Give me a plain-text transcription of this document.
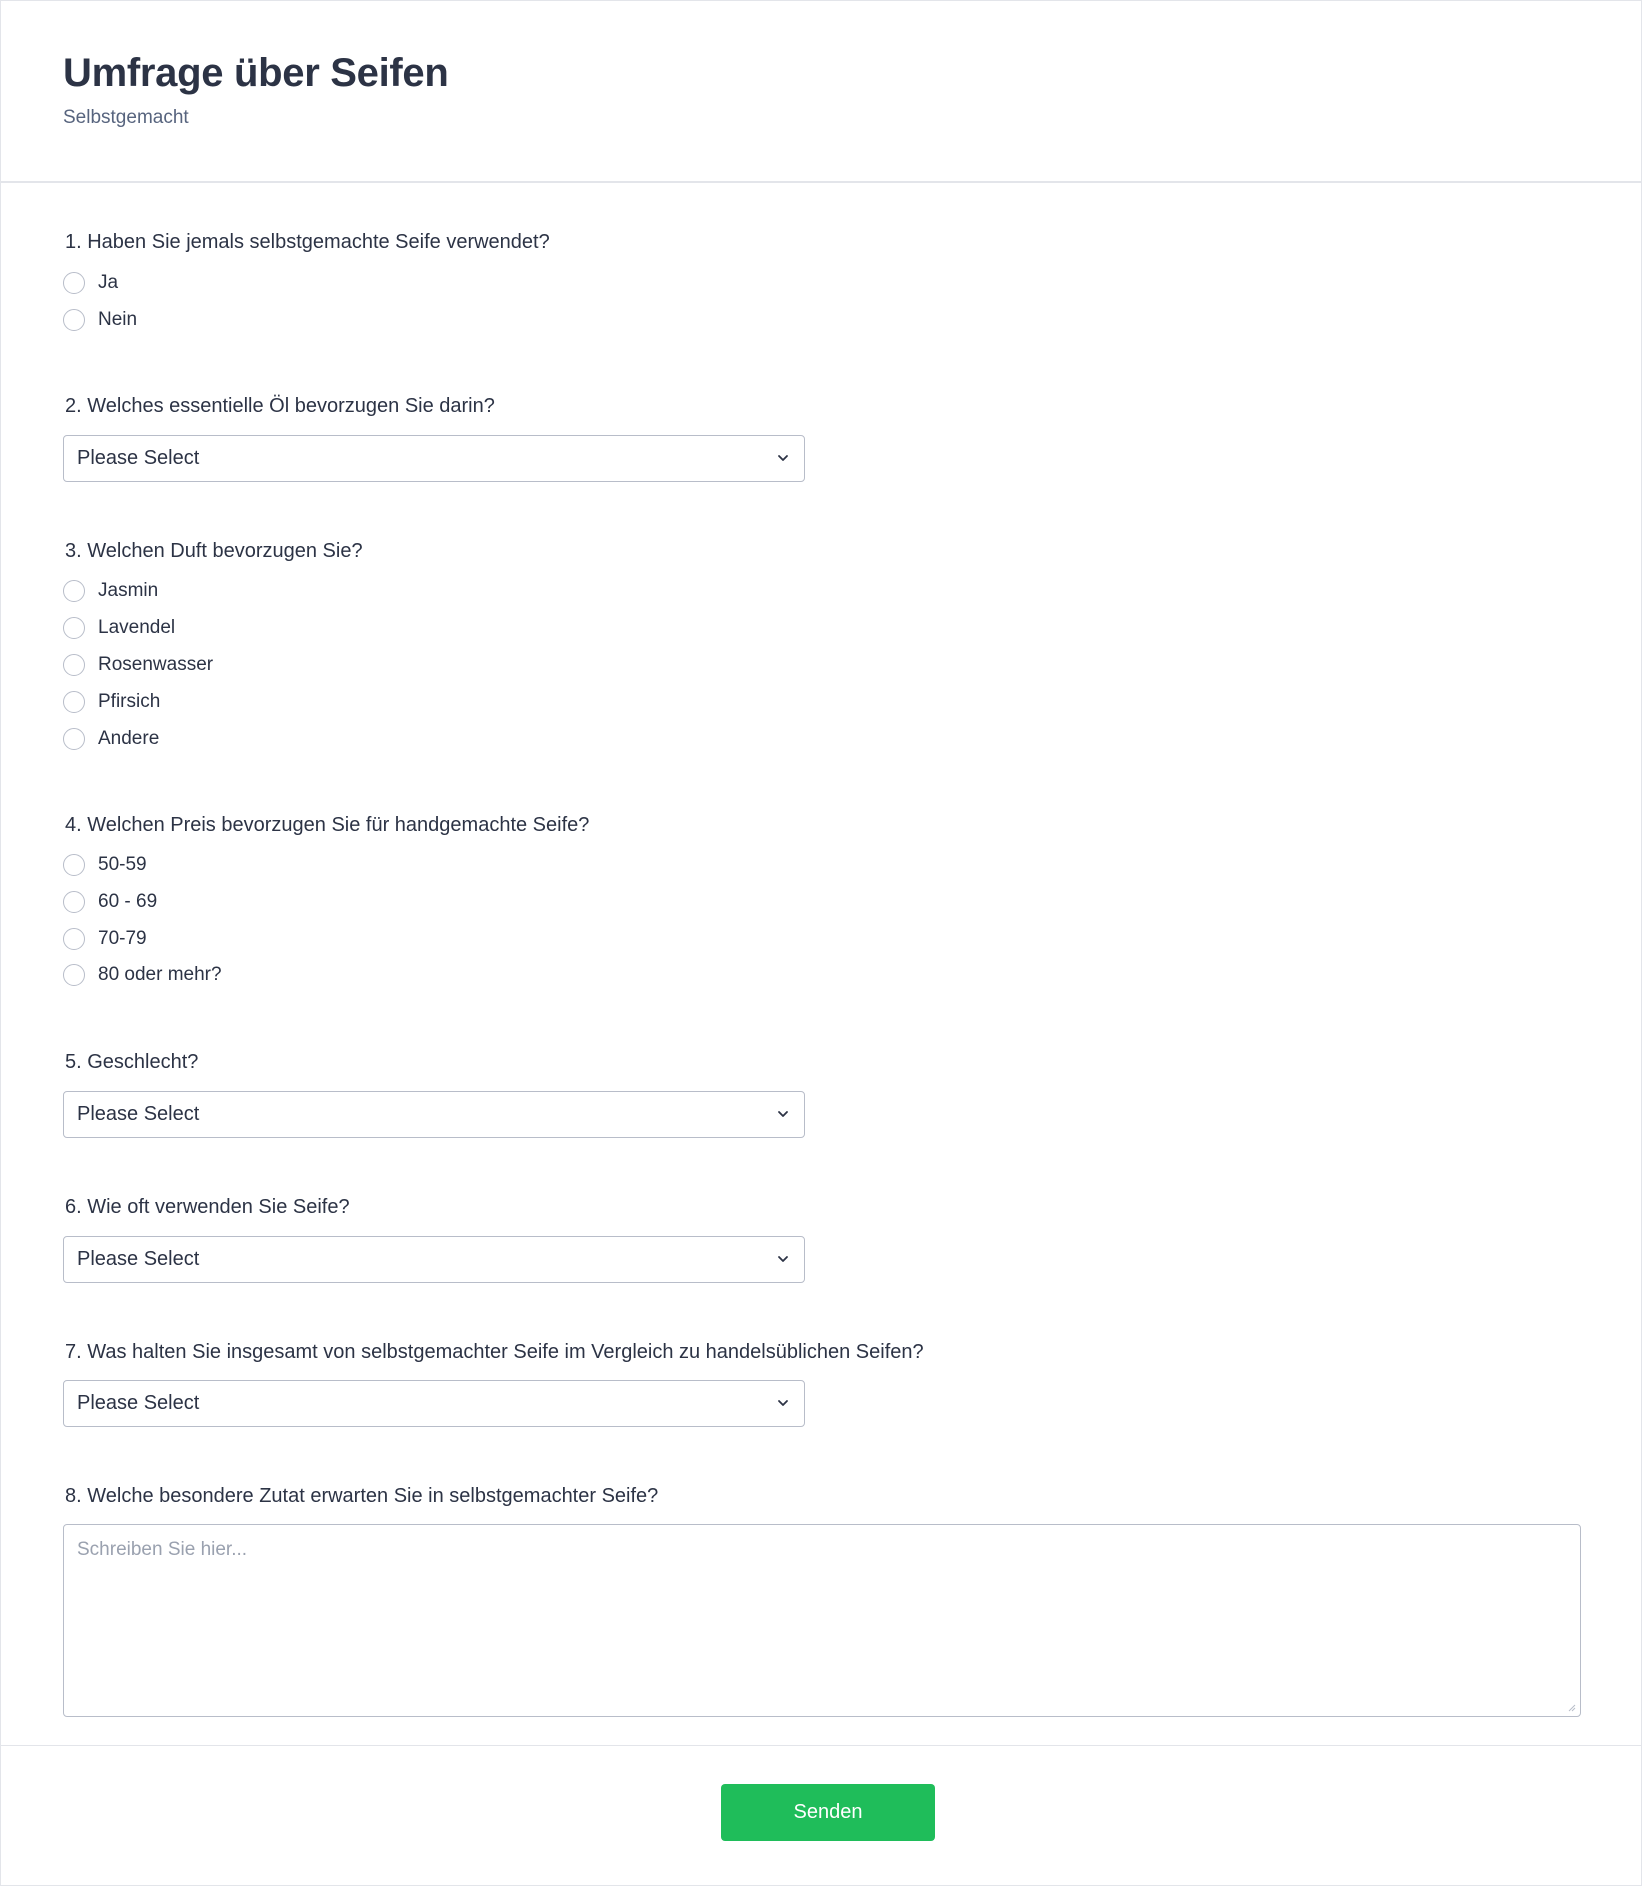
Umfrage über Seifen
Selbstgemacht
1. Haben Sie jemals selbstgemachte Seife verwendet?
Ja
Nein
2. Welches essentielle Öl bevorzugen Sie darin?
Please Select
3. Welchen Duft bevorzugen Sie?
Jasmin
Lavendel
Rosenwasser
Pfirsich
Andere
4. Welchen Preis bevorzugen Sie für handgemachte Seife?
50-59
60 - 69
70-79
80 oder mehr?
5. Geschlecht?
Please Select
6. Wie oft verwenden Sie Seife?
Please Select
7. Was halten Sie insgesamt von selbstgemachter Seife im Vergleich zu handelsüblichen Seifen?
Please Select
8. Welche besondere Zutat erwarten Sie in selbstgemachter Seife?
Schreiben Sie hier...
Senden
